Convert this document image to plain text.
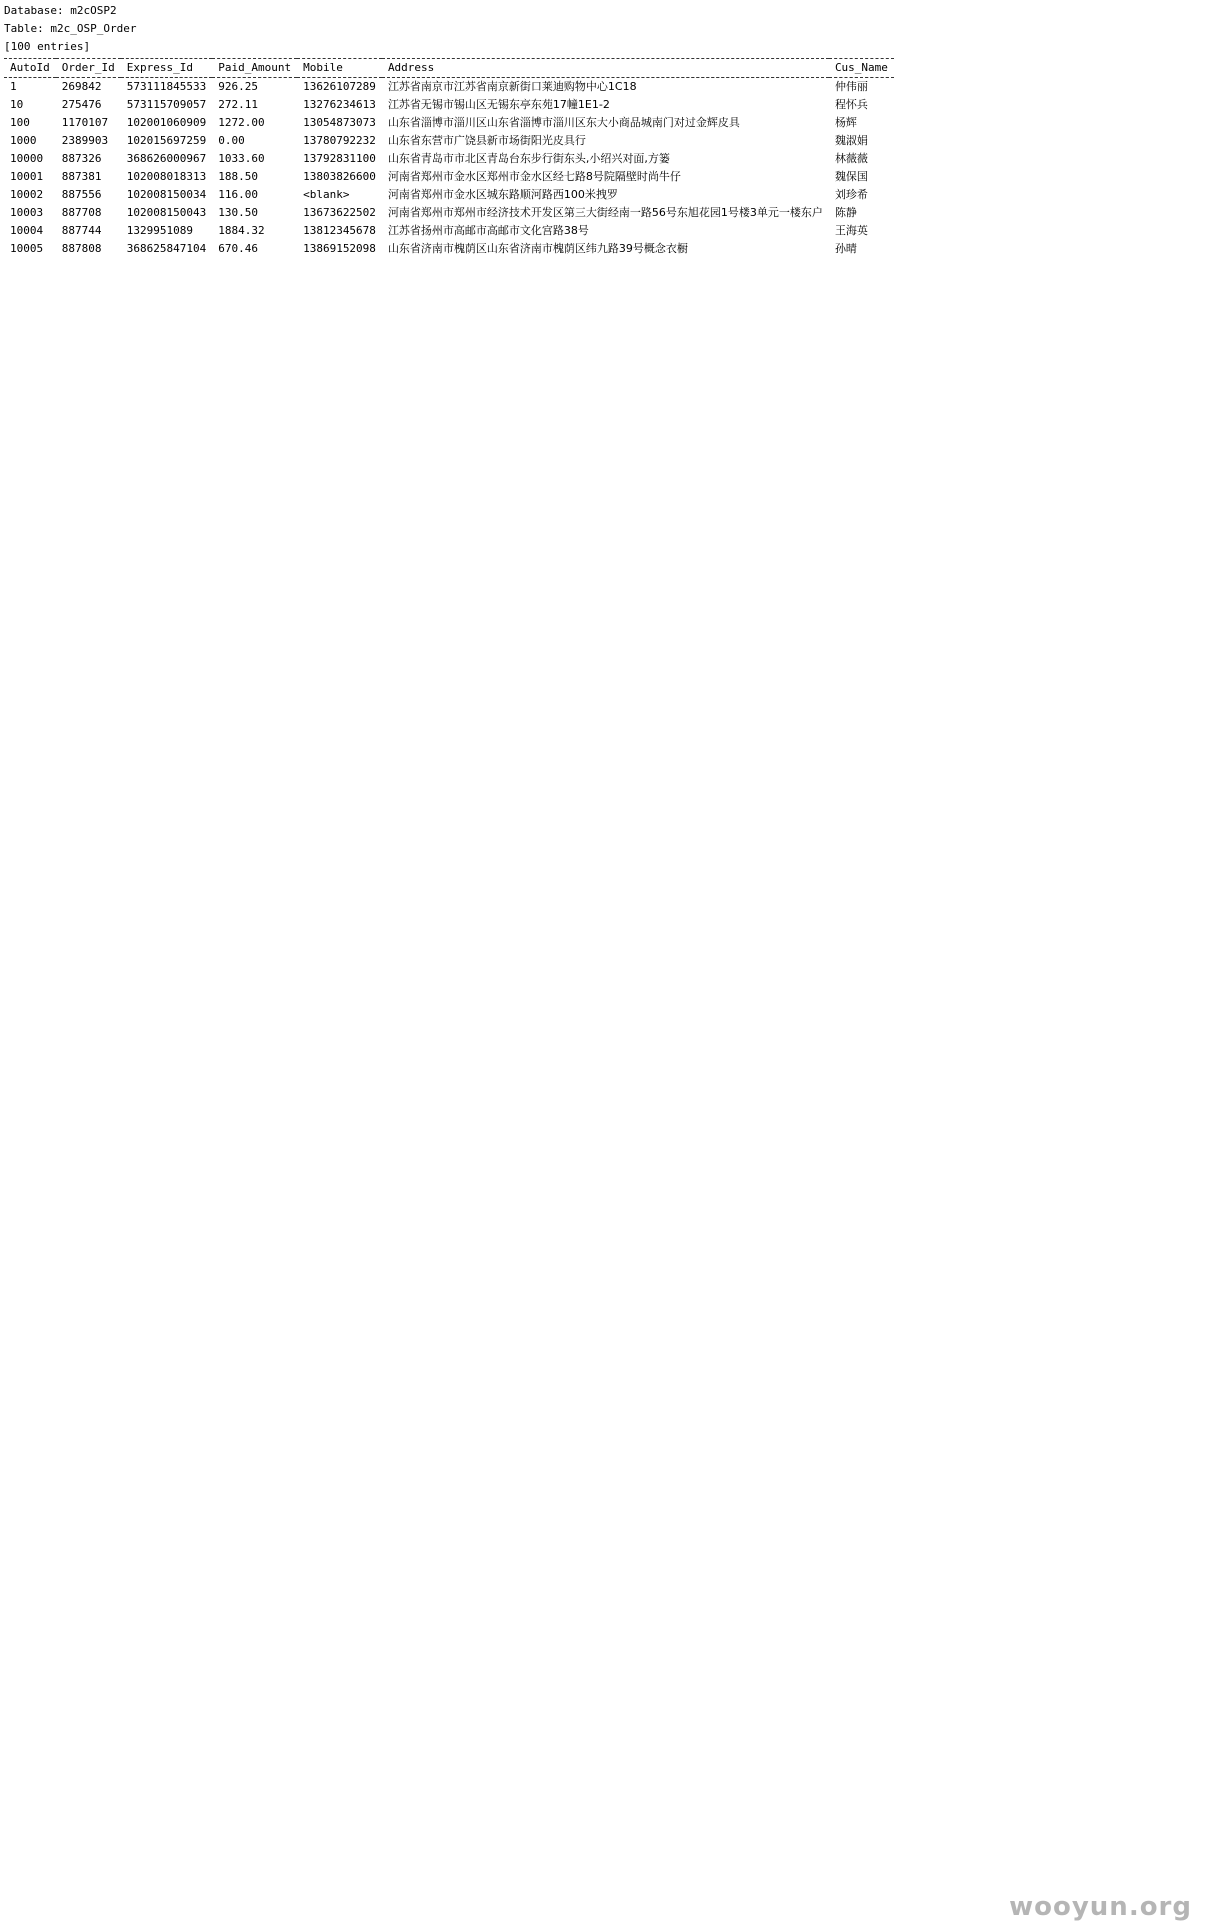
Database: m2cOSP2
Table: m2c_OSP_Order
[100 entries]
AutoId	Order_Id	Express_Id	Paid_Amount	Mobile	Address	Cus_Name
1	269842	573111845533	926.25	13626107289	江苏省南京市江苏省南京新街口莱迪购物中心1C18	仲伟丽
10	275476	573115709057	272.11	13276234613	江苏省无锡市锡山区无锡东亭东苑17幢1E1-2	程怀兵
100	1170107	102001060909	1272.00	13054873073	山东省淄博市淄川区山东省淄博市淄川区东大小商品城南门对过金辉皮具	杨辉
1000	2389903	102015697259	0.00	13780792232	山东省东营市广饶县新市场街阳光皮具行	魏淑娟
10000	887326	368626000967	1033.60	13792831100	山东省青岛市市北区青岛台东步行街东头,小绍兴对面,方篓	林薇薇
10001	887381	102008018313	188.50	13803826600	河南省郑州市金水区郑州市金水区经七路8号院隔壁时尚牛仔	魏保国
10002	887556	102008150034	116.00	<blank>	河南省郑州市金水区城东路顺河路西100米拽罗	刘珍希
10003	887708	102008150043	130.50	13673622502	河南省郑州市郑州市经济技术开发区第三大街经南一路56号东旭花园1号楼3单元一楼东户	陈静
10004	887744	1329951089	1884.32	13812345678	江苏省扬州市高邮市高邮市文化宫路38号	王海英
10005	887808	368625847104	670.46	13869152098	山东省济南市槐荫区山东省济南市槐荫区纬九路39号概念衣橱	孙晴
wooyun.org
